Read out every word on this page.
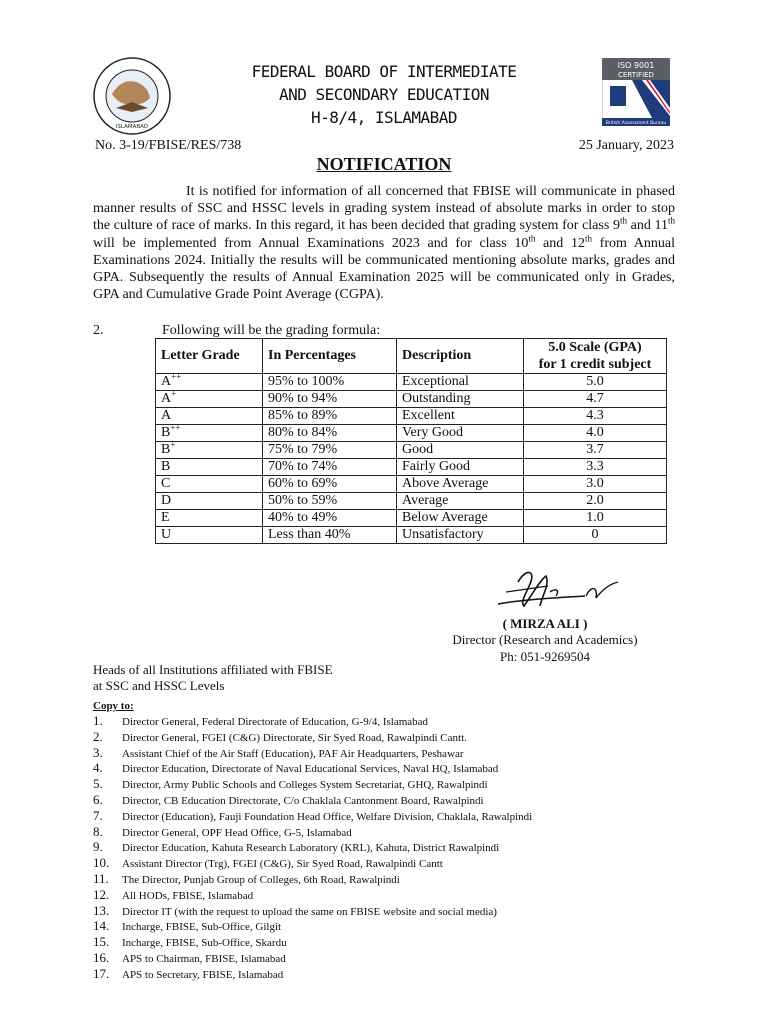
ISLAMABAD
FEDERAL BOARD OF INTERMEDIATE
AND SECONDARY EDUCATION
H-8/4, ISLAMABAD
ISO 9001
CERTIFIED
British Assessment Bureau
No. 3-19/FBISE/RES/738	25 January, 2023
NOTIFICATION

It is notified for information of all concerned that FBISE will communicate in phased manner results of SSC and HSSC levels in grading system instead of absolute marks in order to stop the culture of race of marks. In this regard, it has been decided that grading system for class 9th and 11th will be implemented from Annual Examinations 2023 and for class 10th and 12th from Annual Examinations 2024. Initially the results will be communicated mentioning absolute marks, grades and GPA. Subsequently the results of Annual Examination 2025 will be communicated only in Grades, GPA and Cumulative Grade Point Average (CGPA).

2.	Following will be the grading formula:
Letter Grade	In Percentages	Description	5.0 Scale (GPA)
for 1 credit subject
A++	95% to 100%	Exceptional	5.0
A+	90% to 94%	Outstanding	4.7
A	85% to 89%	Excellent	4.3
B++	80% to 84%	Very Good	4.0
B+	75% to 79%	Good	3.7
B	70% to 74%	Fairly Good	3.3
C	60% to 69%	Above Average	3.0
D	50% to 59%	Average	2.0
E	40% to 49%	Below Average	1.0
U	Less than 40%	Unsatisfactory	0
( MIRZA ALI )
Director (Research and Academics)
Ph: 051-9269504
Heads of all Institutions affiliated with FBISE
at SSC and HSSC Levels
Copy to:
1. Director General, Federal Directorate of Education, G-9/4, Islamabad
2. Director General, FGEI (C&G) Directorate, Sir Syed Road, Rawalpindi Cantt.
3. Assistant Chief of the Air Staff (Education), PAF Air Headquarters, Peshawar
4. Director Education, Directorate of Naval Educational Services, Naval HQ, Islamabad
5. Director, Army Public Schools and Colleges System Secretariat, GHQ, Rawalpindi
6. Director, CB Education Directorate, C/o Chaklala Cantonment Board, Rawalpindi
7. Director (Education), Fauji Foundation Head Office, Welfare Division, Chaklala, Rawalpindi
8. Director General, OPF Head Office, G-5, Islamabad
9. Director Education, Kahuta Research Laboratory (KRL), Kahuta, District Rawalpindi
10. Assistant Director (Trg), FGEI (C&G), Sir Syed Road, Rawalpindi Cantt
11. The Director, Punjab Group of Colleges, 6th Road, Rawalpindi
12. All HODs, FBISE, Islamabad
13. Director IT (with the request to upload the same on FBISE website and social media)
14. Incharge, FBISE, Sub-Office, Gilgit
15. Incharge, FBISE, Sub-Office, Skardu
16. APS to Chairman, FBISE, Islamabad
17. APS to Secretary, FBISE, Islamabad
